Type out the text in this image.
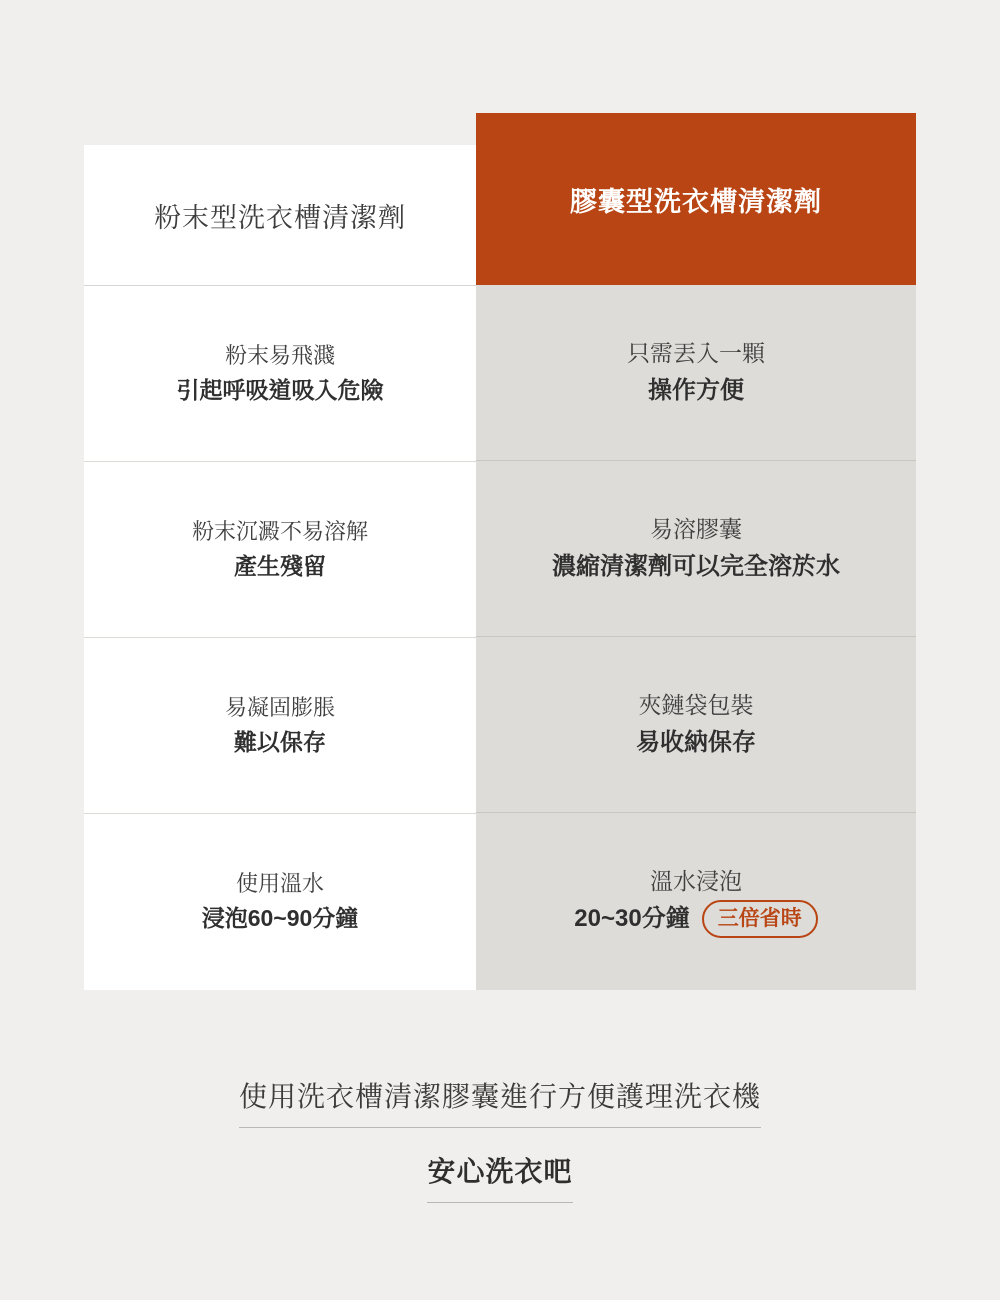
粉末型洗衣槽清潔劑
粉末易飛濺
引起呼吸道吸入危險
粉末沉澱不易溶解
產生殘留
易凝固膨脹
難以保存
使用溫水
浸泡60~90分鐘
膠囊型洗衣槽清潔劑
只需丟入一顆
操作方便
易溶膠囊
濃縮清潔劑可以完全溶於水
夾鏈袋包裝
易收納保存
溫水浸泡
20~30分鐘	三倍省時
使用洗衣槽清潔膠囊進行方便護理洗衣機
安心洗衣吧
